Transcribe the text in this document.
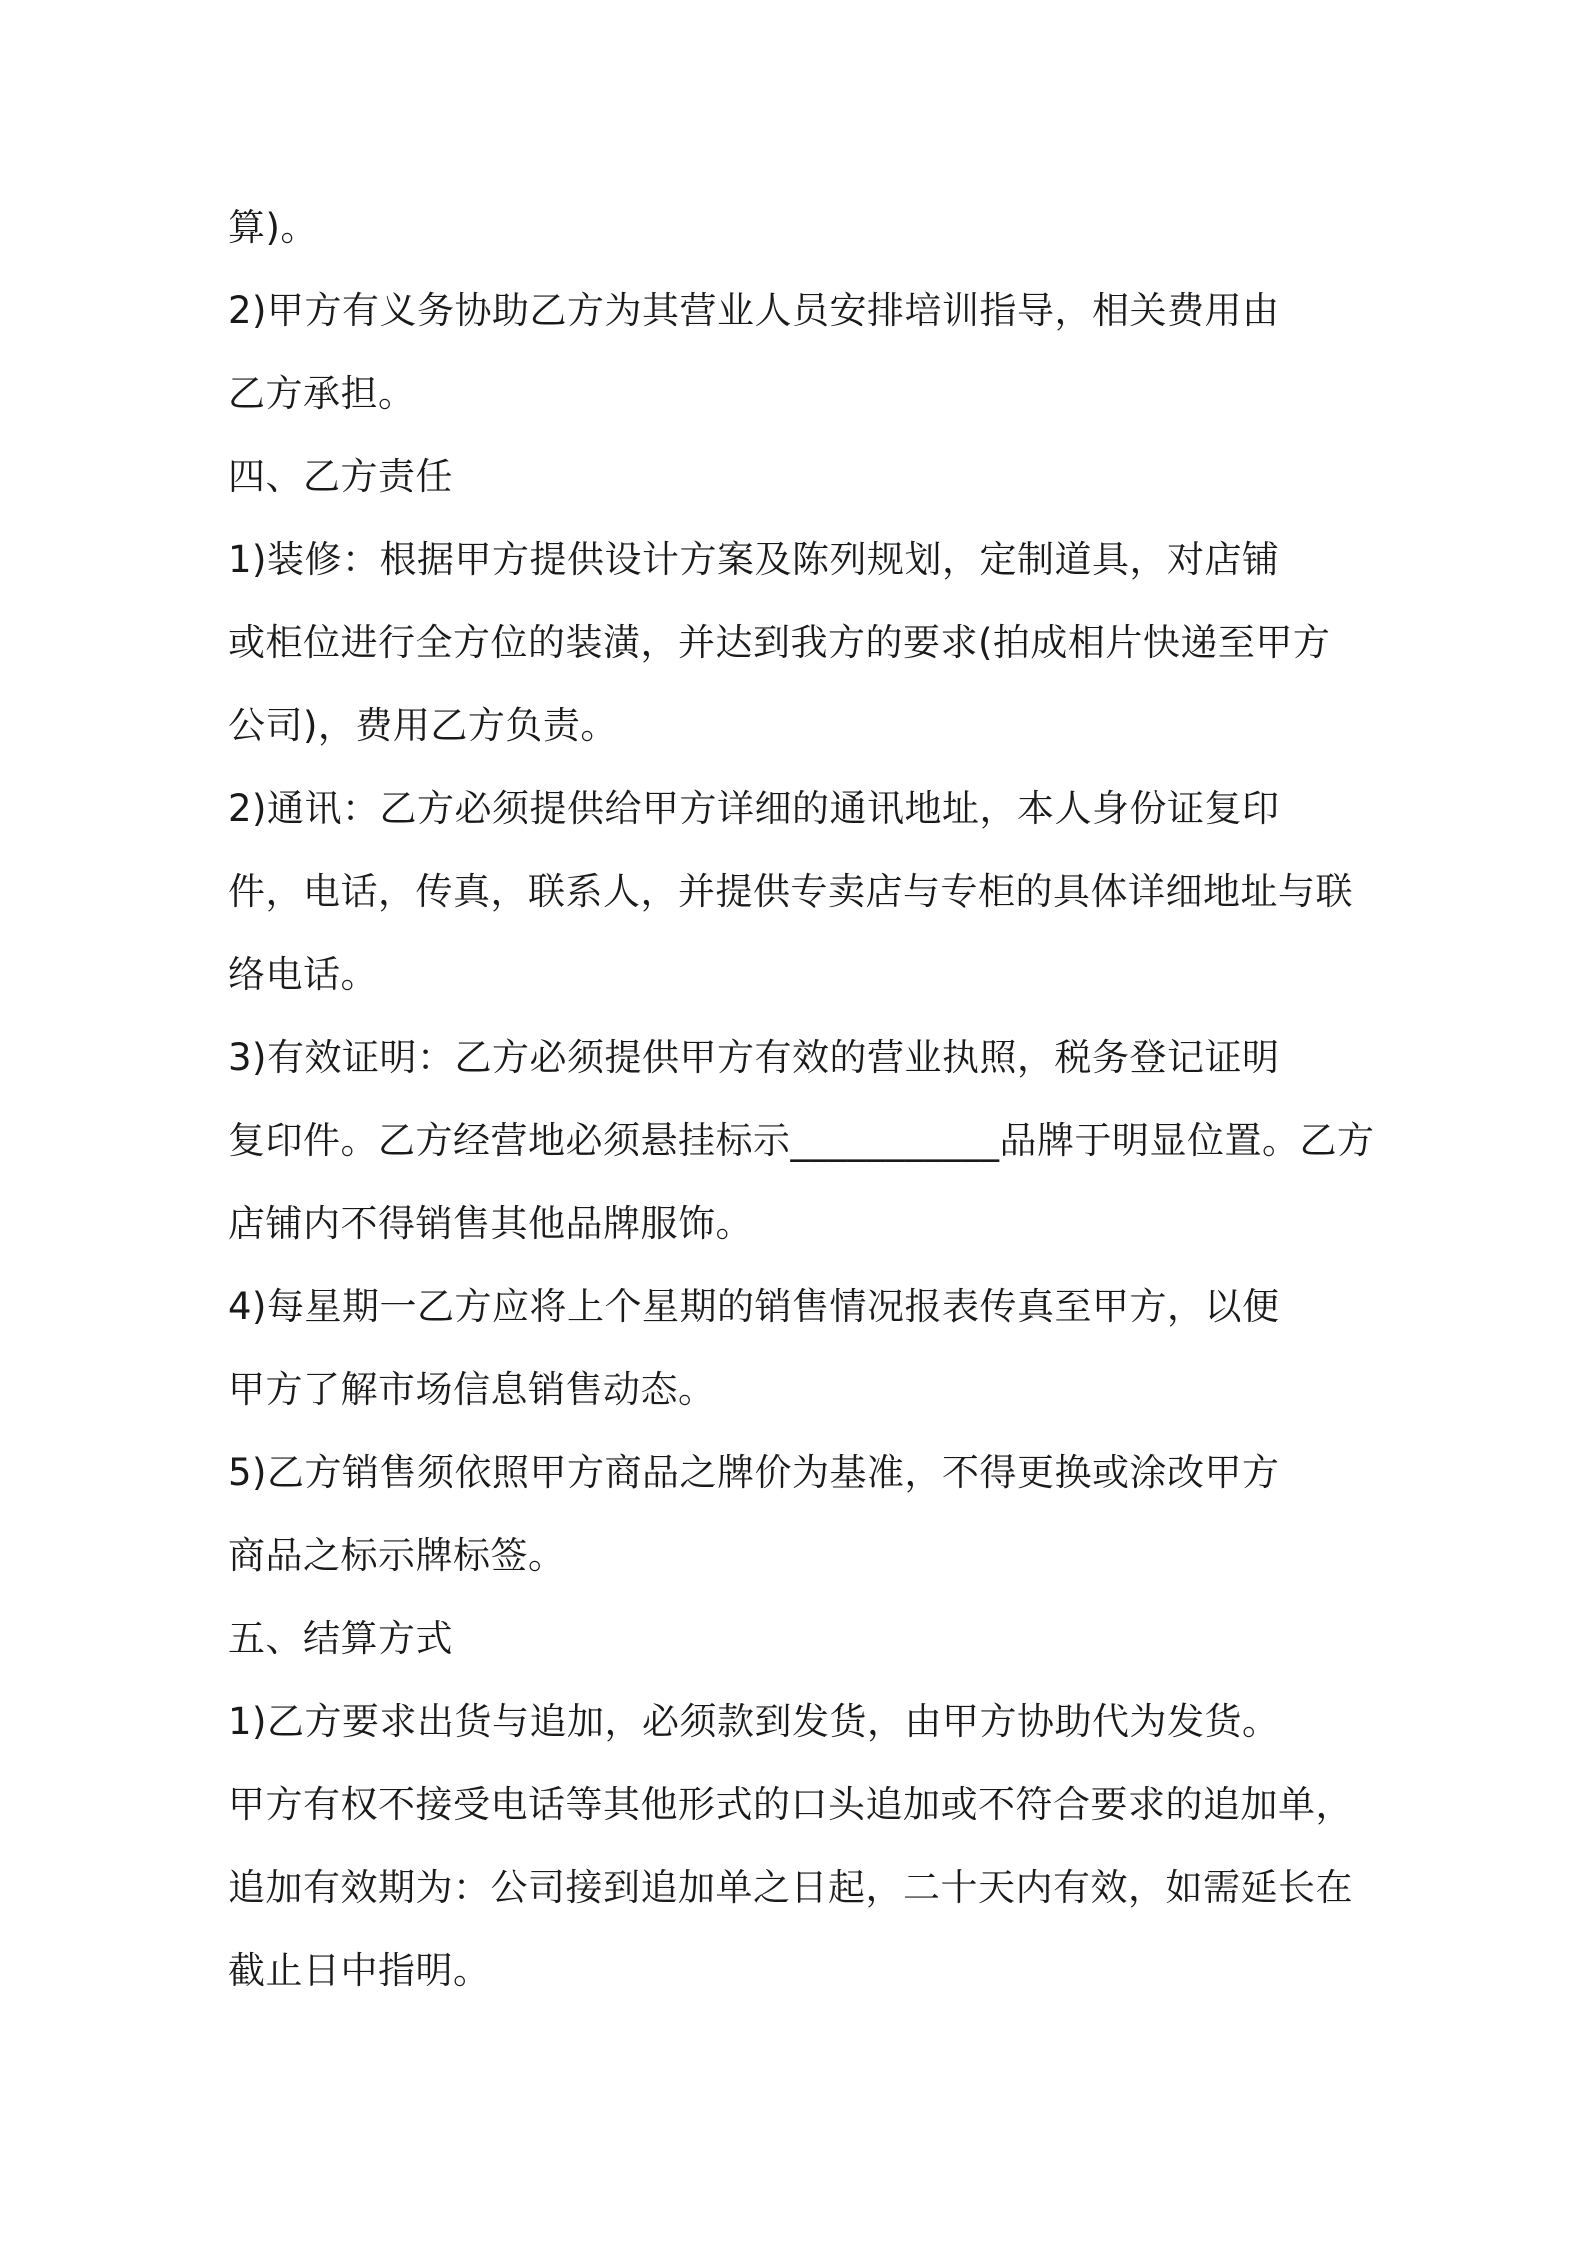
算)。
2)甲方有义务协助乙方为其营业人员安排培训指导，相关费用由
乙方承担。
四、乙方责任
1)装修：根据甲方提供设计方案及陈列规划，定制道具，对店铺
或柜位进行全方位的装潢，并达到我方的要求(拍成相片快递至甲方
公司)，费用乙方负责。
2)通讯：乙方必须提供给甲方详细的通讯地址，本人身份证复印
件，电话，传真，联系人，并提供专卖店与专柜的具体详细地址与联
络电话。
3)有效证明：乙方必须提供甲方有效的营业执照，税务登记证明
复印件。乙方经营地必须悬挂标示___________品牌于明显位置。乙方
店铺内不得销售其他品牌服饰。
4)每星期一乙方应将上个星期的销售情况报表传真至甲方，以便
甲方了解市场信息销售动态。
5)乙方销售须依照甲方商品之牌价为基准，不得更换或涂改甲方
商品之标示牌标签。
五、结算方式
1)乙方要求出货与追加，必须款到发货，由甲方协助代为发货。
甲方有权不接受电话等其他形式的口头追加或不符合要求的追加单，
追加有效期为：公司接到追加单之日起，二十天内有效，如需延长在
截止日中指明。
